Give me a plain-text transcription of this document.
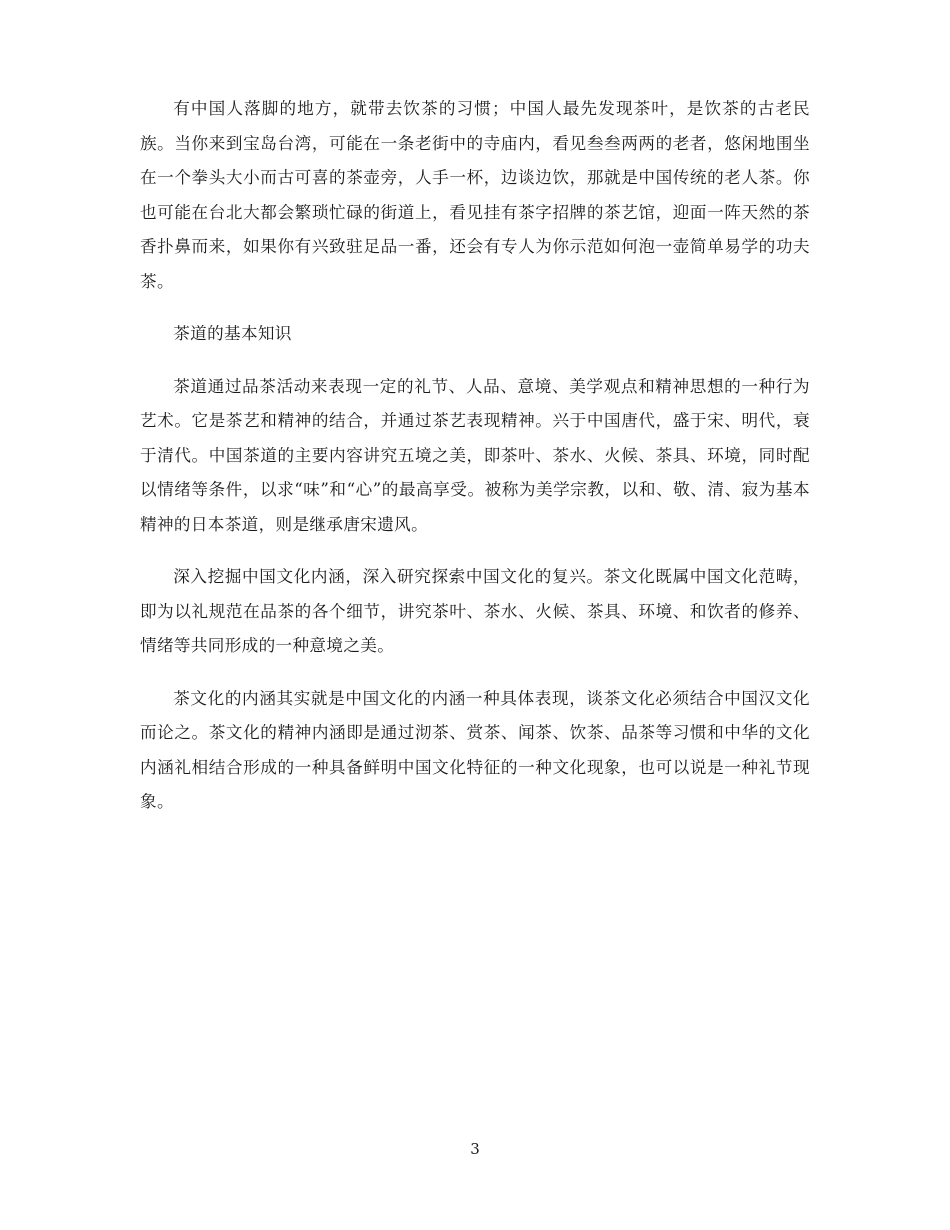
有中国人落脚的地方，就带去饮茶的习惯；中国人最先发现茶叶，是饮茶的古老民族。当你来到宝岛台湾，可能在一条老街中的寺庙内，看见叁叁两两的老者，悠闲地围坐在一个拳头大小而古可喜的茶壶旁，人手一杯，边谈边饮，那就是中国传统的老人茶。你也可能在台北大都会繁琐忙碌的街道上，看见挂有茶字招牌的茶艺馆，迎面一阵天然的茶香扑鼻而来，如果你有兴致驻足品一番，还会有专人为你示范如何泡一壶简单易学的功夫茶。

茶道的基本知识

茶道通过品茶活动来表现一定的礼节、人品、意境、美学观点和精神思想的一种行为艺术。它是茶艺和精神的结合，并通过茶艺表现精神。兴于中国唐代，盛于宋、明代，衰于清代。中国茶道的主要内容讲究五境之美，即茶叶、茶水、火候、茶具、环境，同时配以情绪等条件，以求“味”和“心”的最高享受。被称为美学宗教，以和、敬、清、寂为基本精神的日本茶道，则是继承唐宋遗风。

深入挖掘中国文化内涵，深入研究探索中国文化的复兴。茶文化既属中国文化范畴，即为以礼规范在品茶的各个细节，讲究茶叶、茶水、火候、茶具、环境、和饮者的修养、情绪等共同形成的一种意境之美。

茶文化的内涵其实就是中国文化的内涵一种具体表现，谈茶文化必须结合中国汉文化而论之。茶文化的精神内涵即是通过沏茶、赏茶、闻茶、饮茶、品茶等习惯和中华的文化内涵礼相结合形成的一种具备鲜明中国文化特征的一种文化现象，也可以说是一种礼节现象。

3
